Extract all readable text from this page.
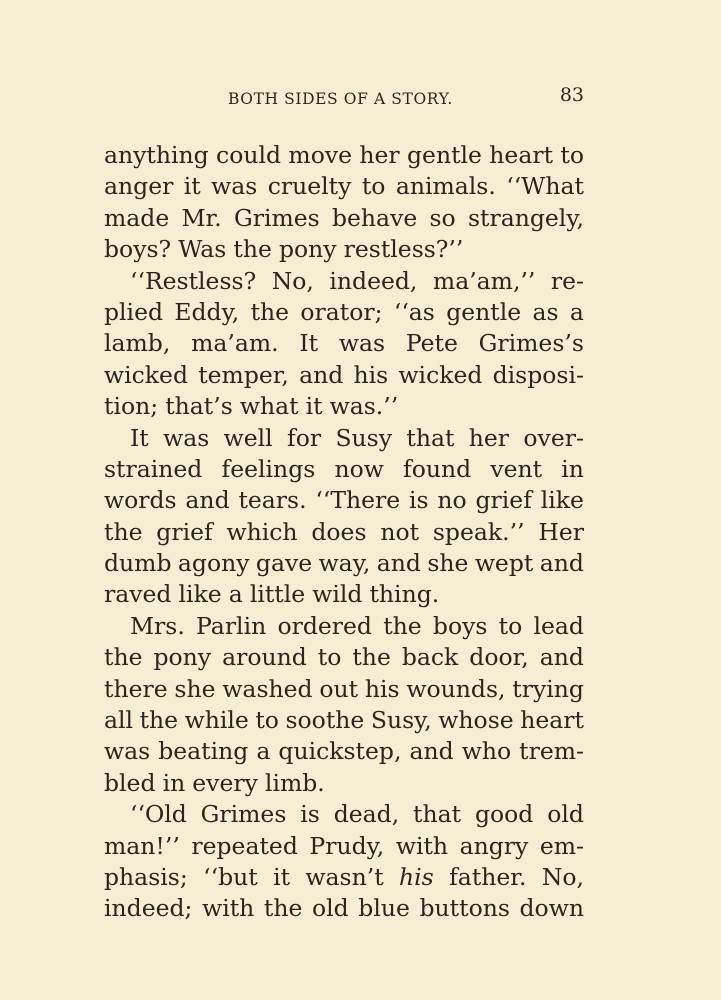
BOTH SIDES OF A STORY.	83
anything could move her gentle heart to
anger it was cruelty to animals. ‘‘What
made Mr. Grimes behave so strangely,
boys? Was the pony restless?’’
‘‘Restless? No, indeed, ma’am,’’ re-
plied Eddy, the orator; ‘‘as gentle as a
lamb, ma’am. It was Pete Grimes’s
wicked temper, and his wicked disposi-
tion; that’s what it was.’’
It was well for Susy that her over-
strained feelings now found vent in
words and tears. ‘‘There is no grief like
the grief which does not speak.’’ Her
dumb agony gave way, and she wept and
raved like a little wild thing.
Mrs. Parlin ordered the boys to lead
the pony around to the back door, and
there she washed out his wounds, trying
all the while to soothe Susy, whose heart
was beating a quickstep, and who trem-
bled in every limb.
‘‘Old Grimes is dead, that good old
man!’’ repeated Prudy, with angry em-
phasis; ‘‘but it wasn’t his father. No,
indeed; with the old blue buttons down
